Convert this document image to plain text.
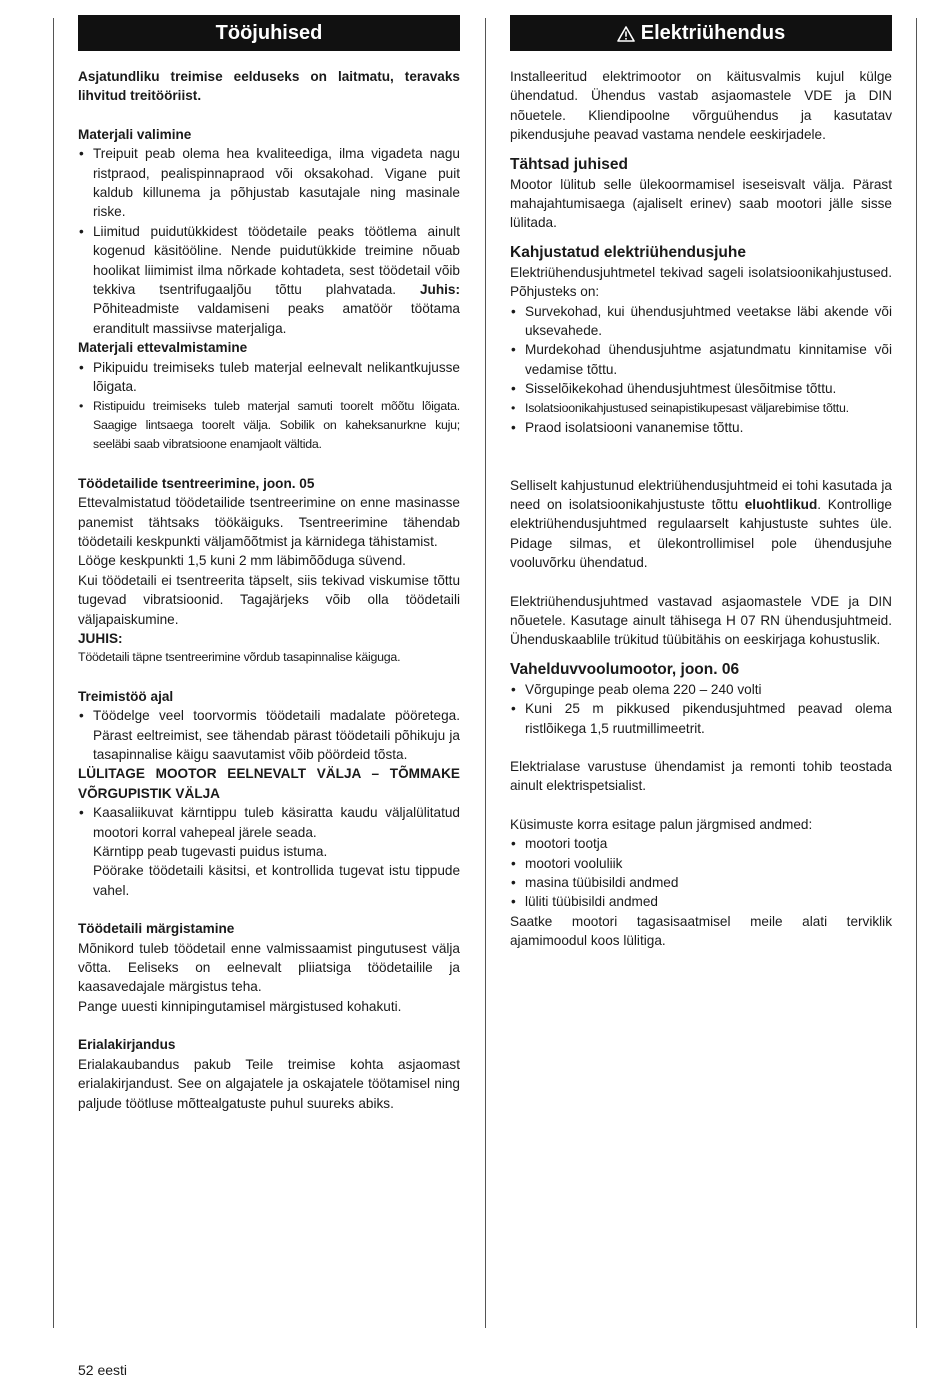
Tööjuhised

Asjatundliku treimise eelduseks on laitmatu, teravaks lihvitud treitööriist.

Materjali valimine

• Treipuit peab olema hea kvaliteediga, ilma vigadeta nagu ristpraod, pealispinnapraod või oksakohad. Vigane puit kaldub killunema ja põhjustab kasutajale ning masinale riske.
• Liimitud puidutükkidest töödetailе peaks töötlema ainult kogenud käsitööline. Nende puidutükkide treimine nõuab hoolikat liimimist ilma nõrkade kohtadeta, sest töödetail võib tekkiva tsentrifugaaljõu tõttu plahvatada. Juhis: Põhiteadmiste valdamiseni peaks amatöör töötama eranditult massiivse materjaliga.

Materjali ettevalmistamine

• Pikipuidu treimiseks tuleb materjal eelnevalt nelikantkujusse lõigata.
• Ristipuidu treimiseks tuleb materjal samuti toorelt mõõtu lõigata. Saagige lintsaega toorelt välja. Sobilik on kaheksanurkne kuju; seeläbi saab vibratsioone enamjaolt vältida.

Töödetailide tsentreerimine, joon. 05

Ettevalmistatud töödetailide tsentreerimine on enne masinasse panemist tähtsaks töökäiguks. Tsentreerimine tähendab töödetaili keskpunkti väljamõõtmist ja kärnidega tähistamist.

Lööge keskpunkti 1,5 kuni 2 mm läbimõõduga süvend.

Kui töödetaili ei tsentreerita täpselt, siis tekivad viskumise tõttu tugevad vibratsioonid. Tagajärjeks võib olla töödetaili väljapaiskumine.

JUHIS:

Töödetaili täpne tsentreerimine võrdub tasapinnalise käiguga.

Treimistöö ajal

• Töödelge veel toorvormis töödetaili madalate pööretega. Pärast eeltreimist, see tähendab pärast töödetaili põhikuju ja tasapinnalise käigu saavutamist võib pöördeid tõsta.

LÜLITAGE MOOTOR EELNEVALT VÄLJA – TÕMMAKE VÕRGUPISTIK VÄLJA

• Kaasaliikuvat kärntippu tuleb käsiratta kaudu väljalülitatud mootori korral vahepeal järele seada.

Kärntipp peab tugevasti puidus istuma.

Pöörake töödetaili käsitsi, et kontrollida tugevat istu tippude vahel.

Töödetaili märgistamine

Mõnikord tuleb töödetail enne valmissaamist pingutusest välja võtta. Eeliseks on eelnevalt pliiatsiga töödetailile ja kaasavedajale märgistus teha.

Pange uuesti kinnipingutamisel märgistused kohakuti.

Erialakirjandus

Erialakaubandus pakub Teile treimise kohta asjaomast erialakirjandust. See on algajatele ja oskajatele töötamisel ning paljude töötluse mõttealgatuste puhul suureks abiks.

Elektriühendus

Installeeritud elektrimootor on käitusvalmis kujul külge ühendatud. Ühendus vastab asjaomastele VDE ja DIN nõuetele. Kliendipoolne võrguühendus ja kasutatav pikendusjuhe peavad vastama nendele eeskirjadele.

Tähtsad juhised

Mootor lülitub selle ülekoormamisel iseseisvalt välja. Pärast mahajahtumisaega (ajaliselt erinev) saab mootori jälle sisse lülitada.

Kahjustatud elektriühendusjuhe

Elektriühendusjuhtmetel tekivad sageli isolatsioonikahjustused. Põhjusteks on:

• Survekohad, kui ühendusjuhtmed veetakse läbi akende või uksevahede.
• Murdekohad ühendusjuhtme asjatundmatu kinnitamise või vedamise tõttu.
• Sisselõikekohad ühendusjuhtmest ülesõitmise tõttu.
• Isolatsioonikahjustused seinapistikupesast väljarebimise tõttu.
• Praod isolatsiooni vananemise tõttu.

Selliselt kahjustunud elektriühendusjuhtmeid ei tohi kasutada ja need on isolatsioonikahjustuste tõttu eluohtlikud. Kontrollige elektriühendusjuhtmed regulaarselt kahjustuste suhtes üle. Pidage silmas, et ülekontrollimisel pole ühendusjuhe vooluvõrku ühendatud.

Elektriühendusjuhtmed vastavad asjaomastele VDE ja DIN nõuetele. Kasutage ainult tähisega H 07 RN ühendusjuhtmeid. Ühenduskaablile trükitud tüübitähis on eeskirjaga kohustuslik.

Vahelduvvoolumootor, joon. 06

• Võrgupinge peab olema 220 – 240 volti
• Kuni 25 m pikkused pikendusjuhtmed peavad olema ristlõikega 1,5 ruutmillimeetrit.

Elektrialase varustuse ühendamist ja remonti tohib teostada ainult elektrispetsialist.

Küsimuste korra esitage palun järgmised andmed:

• mootori tootja
• mootori vooluliik
• masina tüübisildi andmed
• lüliti tüübisildi andmed

Saatke mootori tagasisaatmisel meile alati terviklik ajamimoodul koos lülitiga.

52 eesti
